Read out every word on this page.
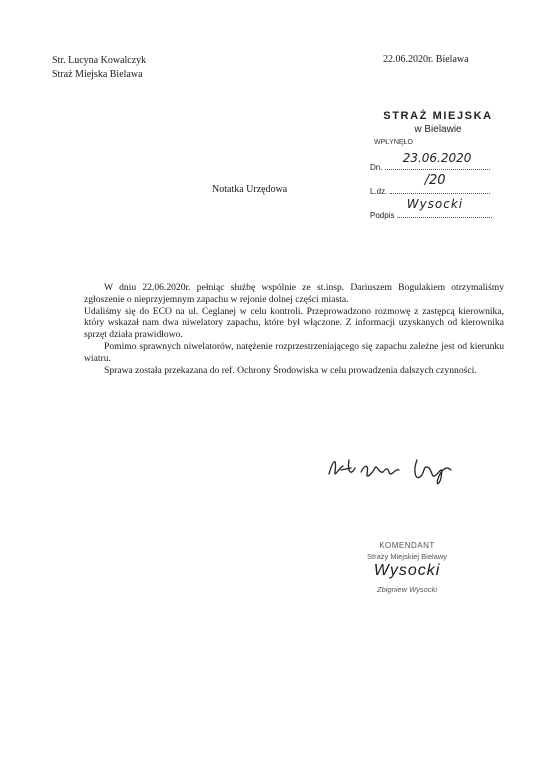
Str. Lucyna Kowalczyk
Straż Miejska Bielawa
22.06.2020r. Bielawa
STRAŻ MIEJSKA
w Bielawie
WPŁYNĘŁO
Dn.
23.06.2020
L.dz.
/20
Podpis
Wysocki
Notatka Urzędowa

W dniu 22.06.2020r. pełniąc służbę wspólnie ze st.insp. Dariuszem Bogulakiem otrzymaliśmy zgłoszenie o nieprzyjemnym zapachu w rejonie dolnej części miasta.

Udaliśmy się do ECO na ul. Ceglanej w celu kontroli. Przeprowadzono rozmowę z zastępcą kierownika, który wskazał nam dwa niwelatory zapachu, które był włączone. Z informacji uzyskanych od kierownika sprzęt działa prawidłowo.

Pomimo sprawnych niwelatorów, natężenie rozprzestrzeniającego się zapachu zależne jest od kierunku wiatru.

Sprawa została przekazana do ref. Ochrony Środowiska w celu prowadzenia dalszych czynności.

KOMENDANT
Straży Miejskiej Bielawy
Wysocki
Zbigniew Wysocki
